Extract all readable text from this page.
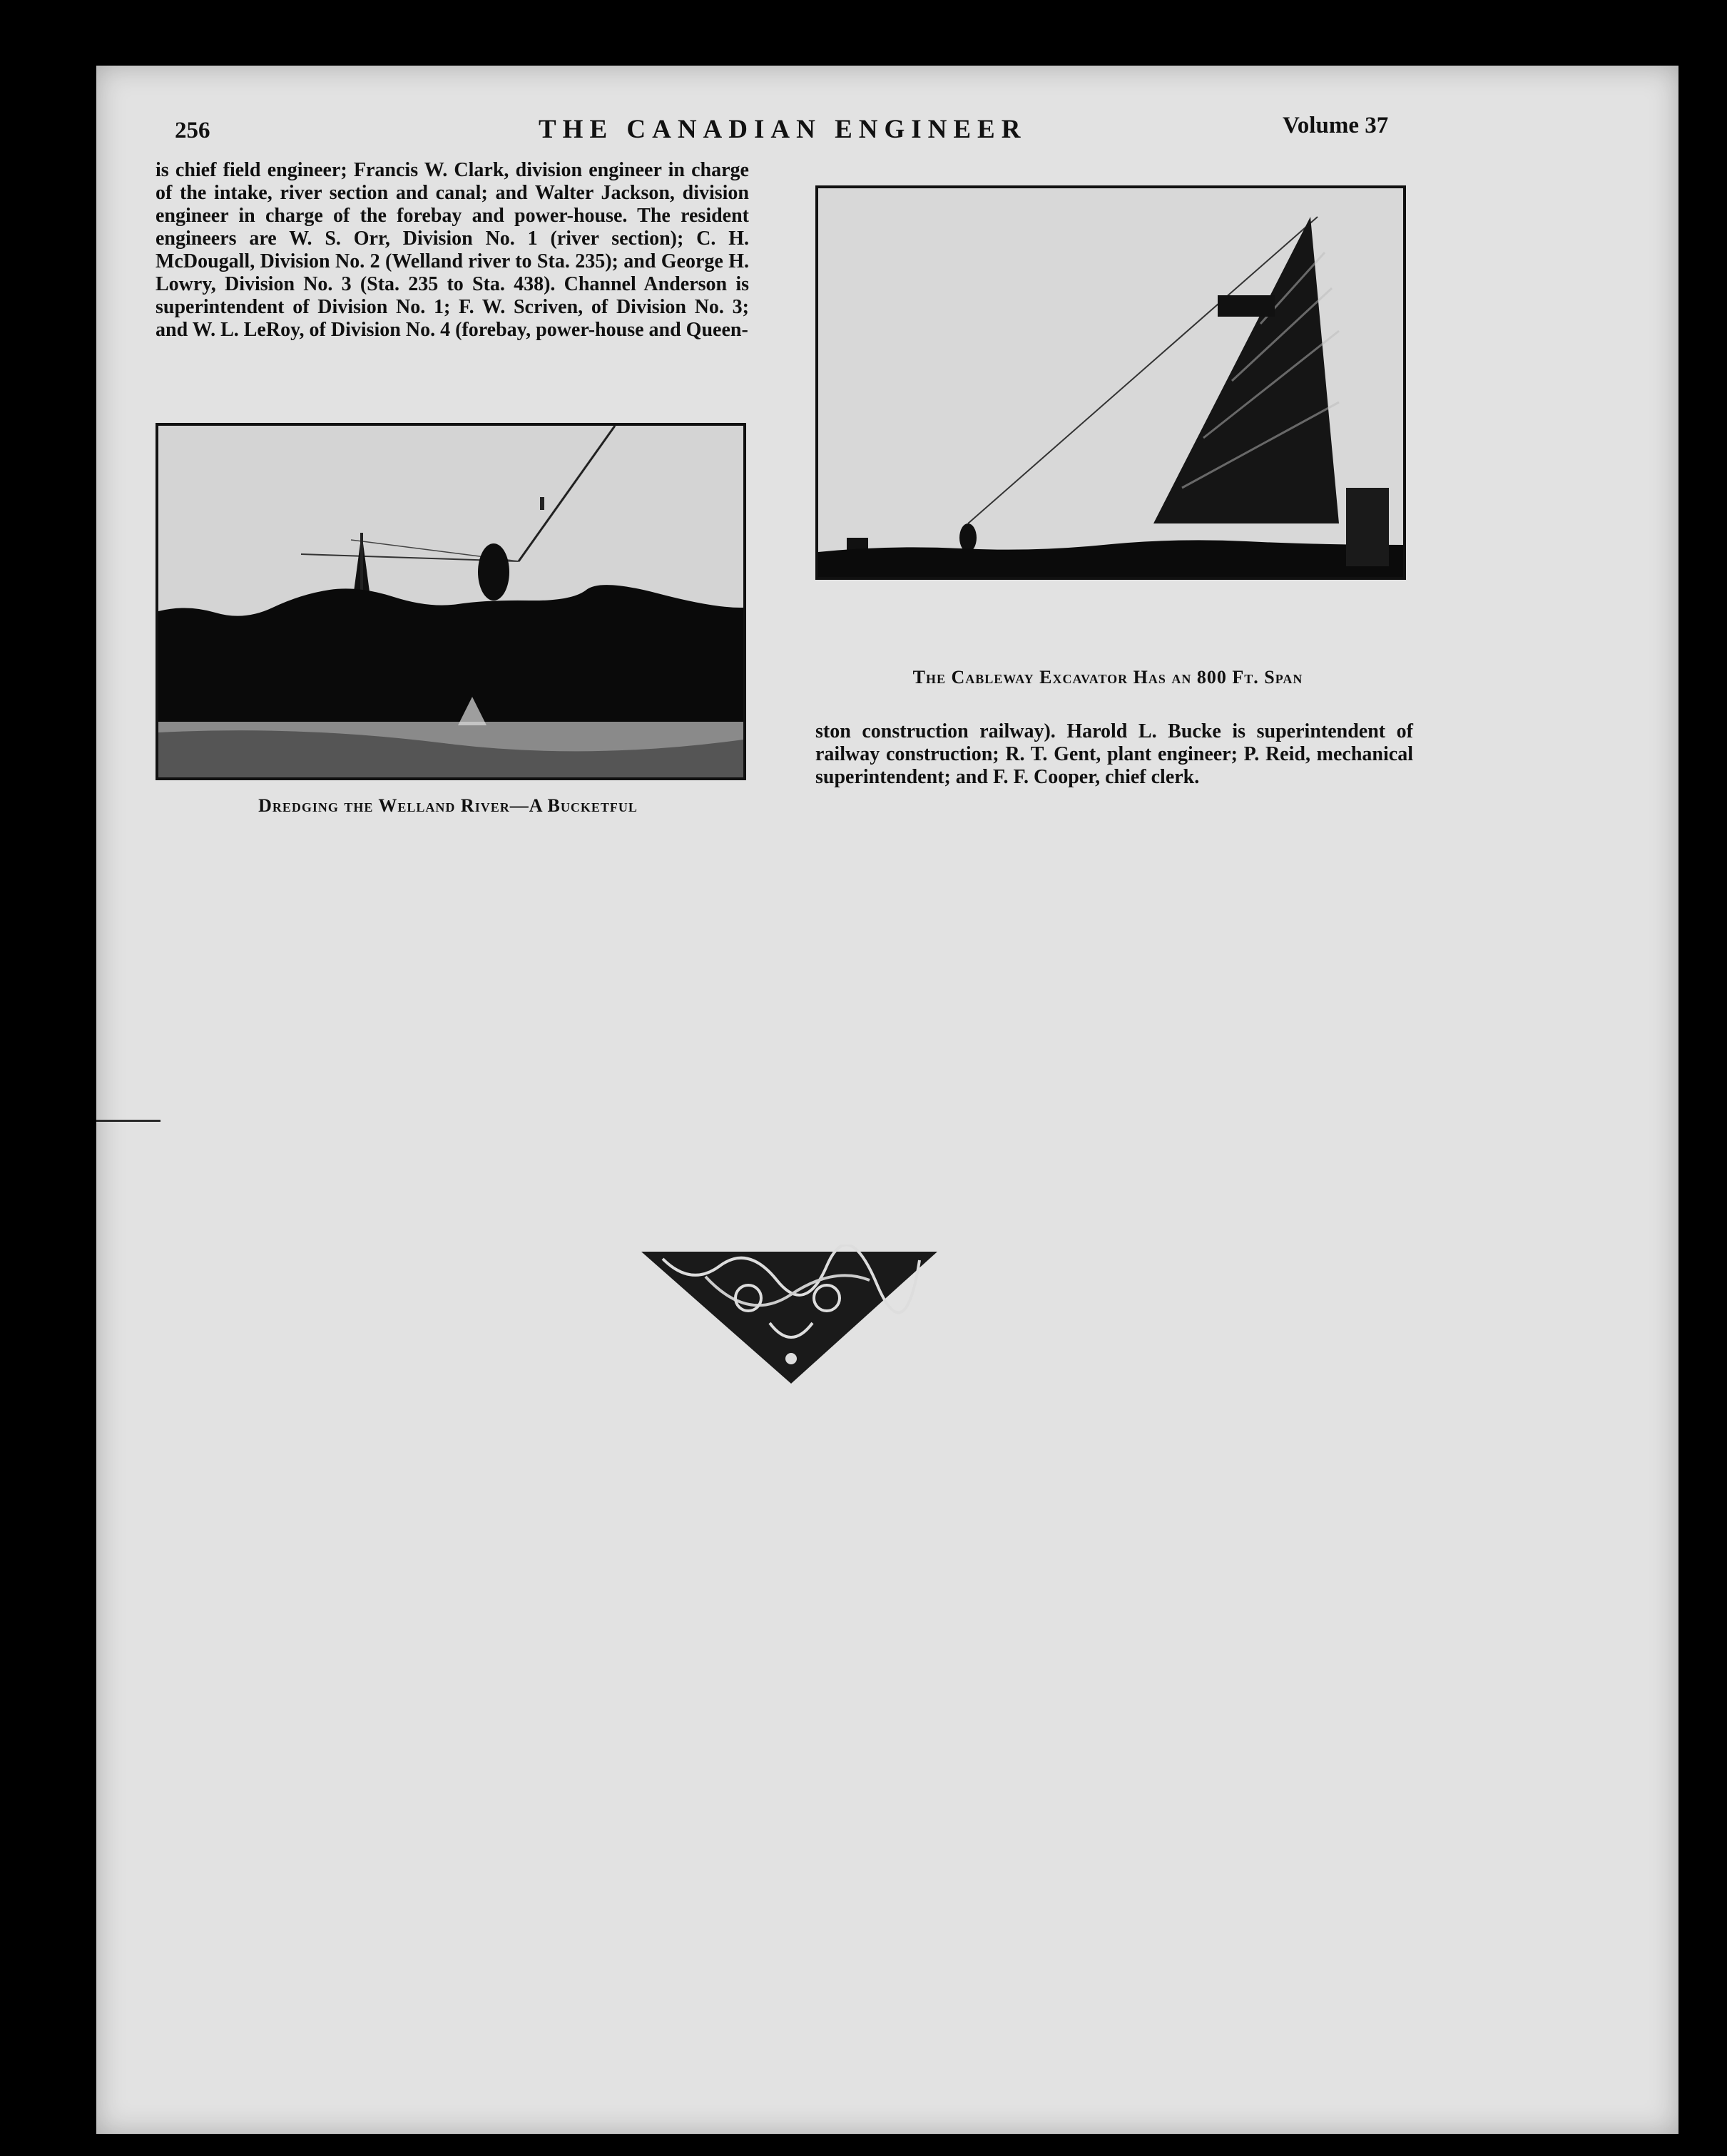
256	THE CANADIAN ENGINEER	Volume 37

is chief field engineer; Francis W. Clark, division engineer in charge of the intake, river section and canal; and Walter Jackson, division engineer in charge of the forebay and power-house. The resident engineers are W. S. Orr, Division No. 1 (river section); C. H. McDougall, Division No. 2 (Welland river to Sta. 235); and George H. Lowry, Division No. 3 (Sta. 235 to Sta. 438). Channel Anderson is superintendent of Division No. 1; F. W. Scriven, of Division No. 3; and W. L. LeRoy, of Division No. 4 (forebay, power-house and Queen-

Dredging the Welland River—A Bucketful
The Cableway Excavator Has an 800 Ft. Span

ston construction railway). Harold L. Bucke is superintendent of railway construction; R. T. Gent, plant engineer; P. Reid, mechanical superintendent; and F. F. Cooper, chief clerk.
